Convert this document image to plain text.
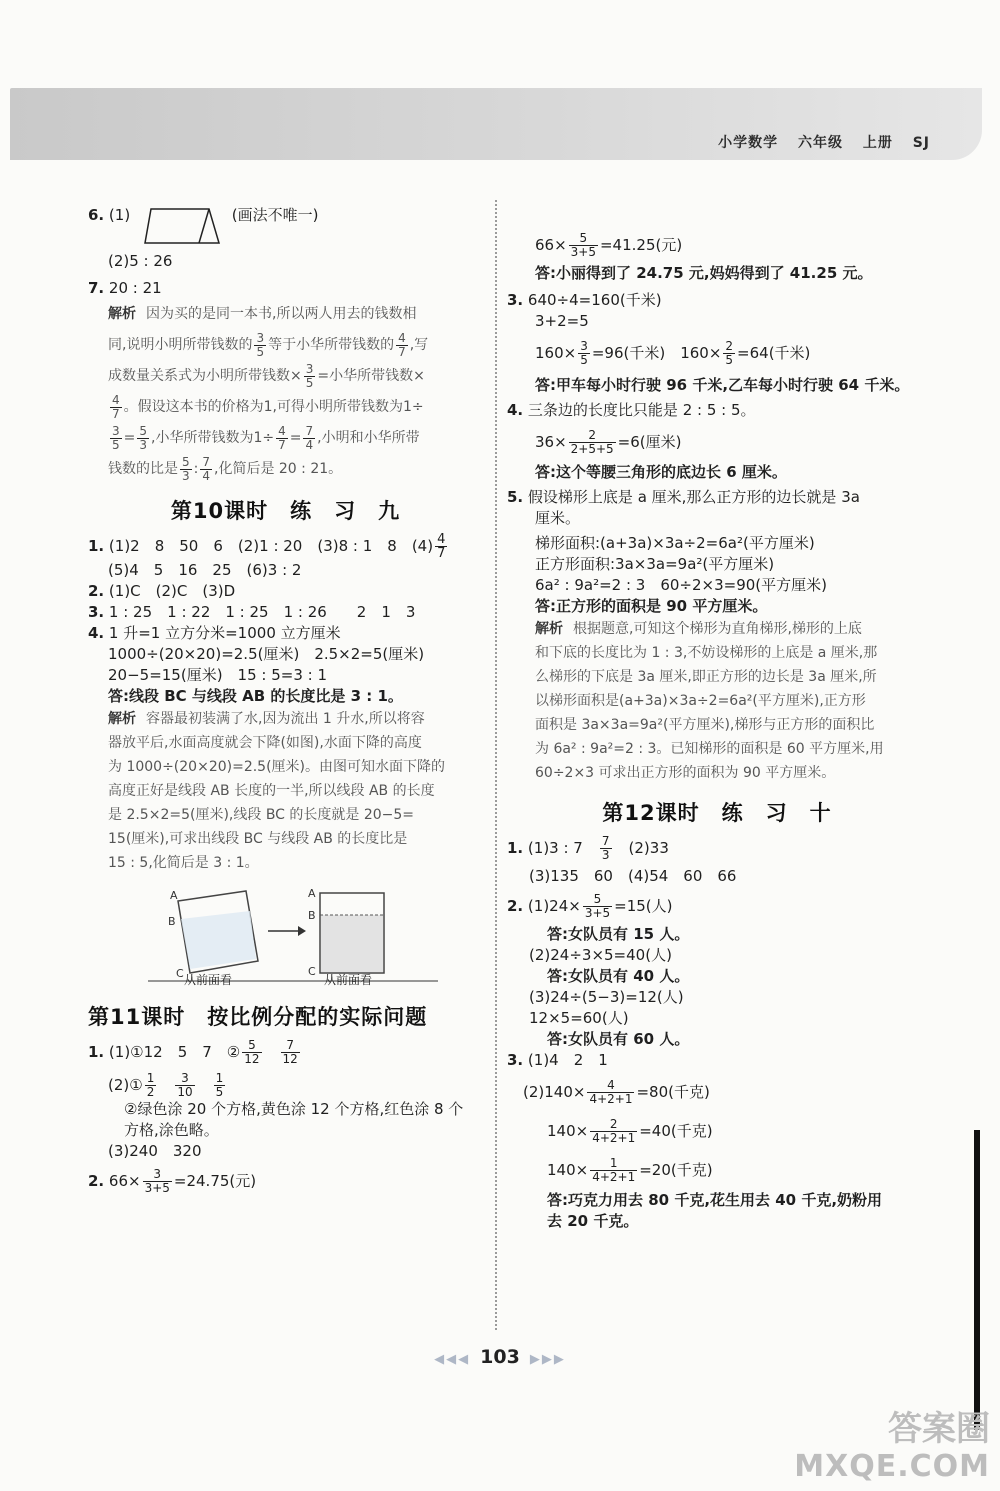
小学数学 六年级 上册 SJ

6. (1)	(画法不唯一)

(2)5 : 26

7. 20 : 21

解析 因为买的是同一本书,所以两人用去的钱数相
同,说明小明所带钱数的 $\frac{3}{5}$ 等于小华所带钱数的 $\frac{4}{7}$ ,写
成数量关系式为小明所带钱数× $\frac{3}{5}$ =小华所带钱数×
$\frac{4}{7}$ 。假设这本书的价格为1,可得小明所带钱数为1÷
$\frac{3}{5} = \frac{5}{3}$ ,小华所带钱数为$1\div \frac{4}{7} = \frac{7}{4}$ ,小明和小华所带
钱数的比是 $\frac{5}{3}$ : $\frac{7}{4}$ ,化简后是 20 : 21。
第10课时　练　习　九

1. (1)2　8　50　6　(2)1 : 20　(3)8 : 1　8　$(4) \frac{4}{7}$

(5)4　5　16　25　(6)3 : 2

2. (1)C　(2)C　(3)D

3. 1 : 25　1 : 22　1 : 25　1 : 26　　2　1　3

4. 1 升=1 立方分米=1000 立方厘米

1000÷(20×20)=2.5(厘米)　2.5×2=5(厘米)

20−5=15(厘米)　15 : 5=3 : 1

答:线段 BC 与线段 AB 的长度比是 3 : 1。

解析 容器最初装满了水,因为流出 1 升水,所以将容
器放平后,水面高度就会下降(如图),水面下降的高度
为 1000÷(20×20)=2.5(厘米)。由图可知水面下降的
高度正好是线段 AB 长度的一半,所以线段 AB 的长度
是 2.5×2=5(厘米),线段 BC 的长度就是 20−5=
15(厘米),可求出线段 BC 与线段 AB 的长度比是
15 : 5,化简后是 3 : 1。
A
B
C
A
B
C
从前面看	从前面看
第11课时　按比例分配的实际问题

1. (1)①12　5　7　② $\frac{5}{12}$
　 $\frac{7}{12}$

(2)① $\frac{1}{2}$
　 $\frac{3}{10}$
　 $\frac{1}{5}$

②绿色涂 20 个方格,黄色涂 12 个方格,红色涂 8 个

方格,涂色略。

(3)240　320

2. $66\times \frac{3}{3+5} =24.75$(元)

$66\times \frac{5}{3+5} =41.25$(元)

答:小丽得到了 24.75 元,妈妈得到了 41.25 元。

3. 640÷4=160(千米)

3+2=5

$160\times \frac{3}{5} =96$(千米)　$160\times \frac{2}{5} =64$(千米)

答:甲车每小时行驶 96 千米,乙车每小时行驶 64 千米。

4. 三条边的长度比只能是 2 : 5 : 5。

$36\times \frac{2}{2+5+5} =6$(厘米)

答:这个等腰三角形的底边长 6 厘米。

5. 假设梯形上底是 a 厘米,那么正方形的边长就是 3a

厘米。

梯形面积:(a+3a)×3a÷2=6a²(平方厘米)

正方形面积:3a×3a=9a²(平方厘米)

6a² : 9a²=2 : 3　60÷2×3=90(平方厘米)

答:正方形的面积是 90 平方厘米。

解析 根据题意,可知这个梯形为直角梯形,梯形的上底
和下底的长度比为 1 : 3,不妨设梯形的上底是 a 厘米,那
么梯形的下底是 3a 厘米,即正方形的边长是 3a 厘米,所
以梯形面积是(a+3a)×3a÷2=6a²(平方厘米),正方形
面积是 3a×3a=9a²(平方厘米),梯形与正方形的面积比
为 6a² : 9a²=2 : 3。已知梯形的面积是 60 平方厘米,用
60÷2×3 可求出正方形的面积为 90 平方厘米。
第12课时　练　习　十

1. (1)3 : 7　 $\frac{7}{3}$
　 (2)33

(3)135　60　(4)54　60　66

2. $(1)24\times \frac{5}{3+5} =15$(人)

答:女队员有 15 人。

(2)24÷3×5=40(人)

答:女队员有 40 人。

(3)24÷(5−3)=12(人)

12×5=60(人)

答:女队员有 60 人。

3. (1)4　2　1

$(2)140\times \frac{4}{4+2+1} =80$(千克)

$140\times \frac{2}{4+2+1} =40$(千克)

$140\times \frac{1}{4+2+1} =20$(千克)

答:巧克力用去 80 千克,花生用去 40 千克,奶粉用

去 20 千克。

◀◀◀ 103 ▶▶▶
答案圈
MXQE.COM
